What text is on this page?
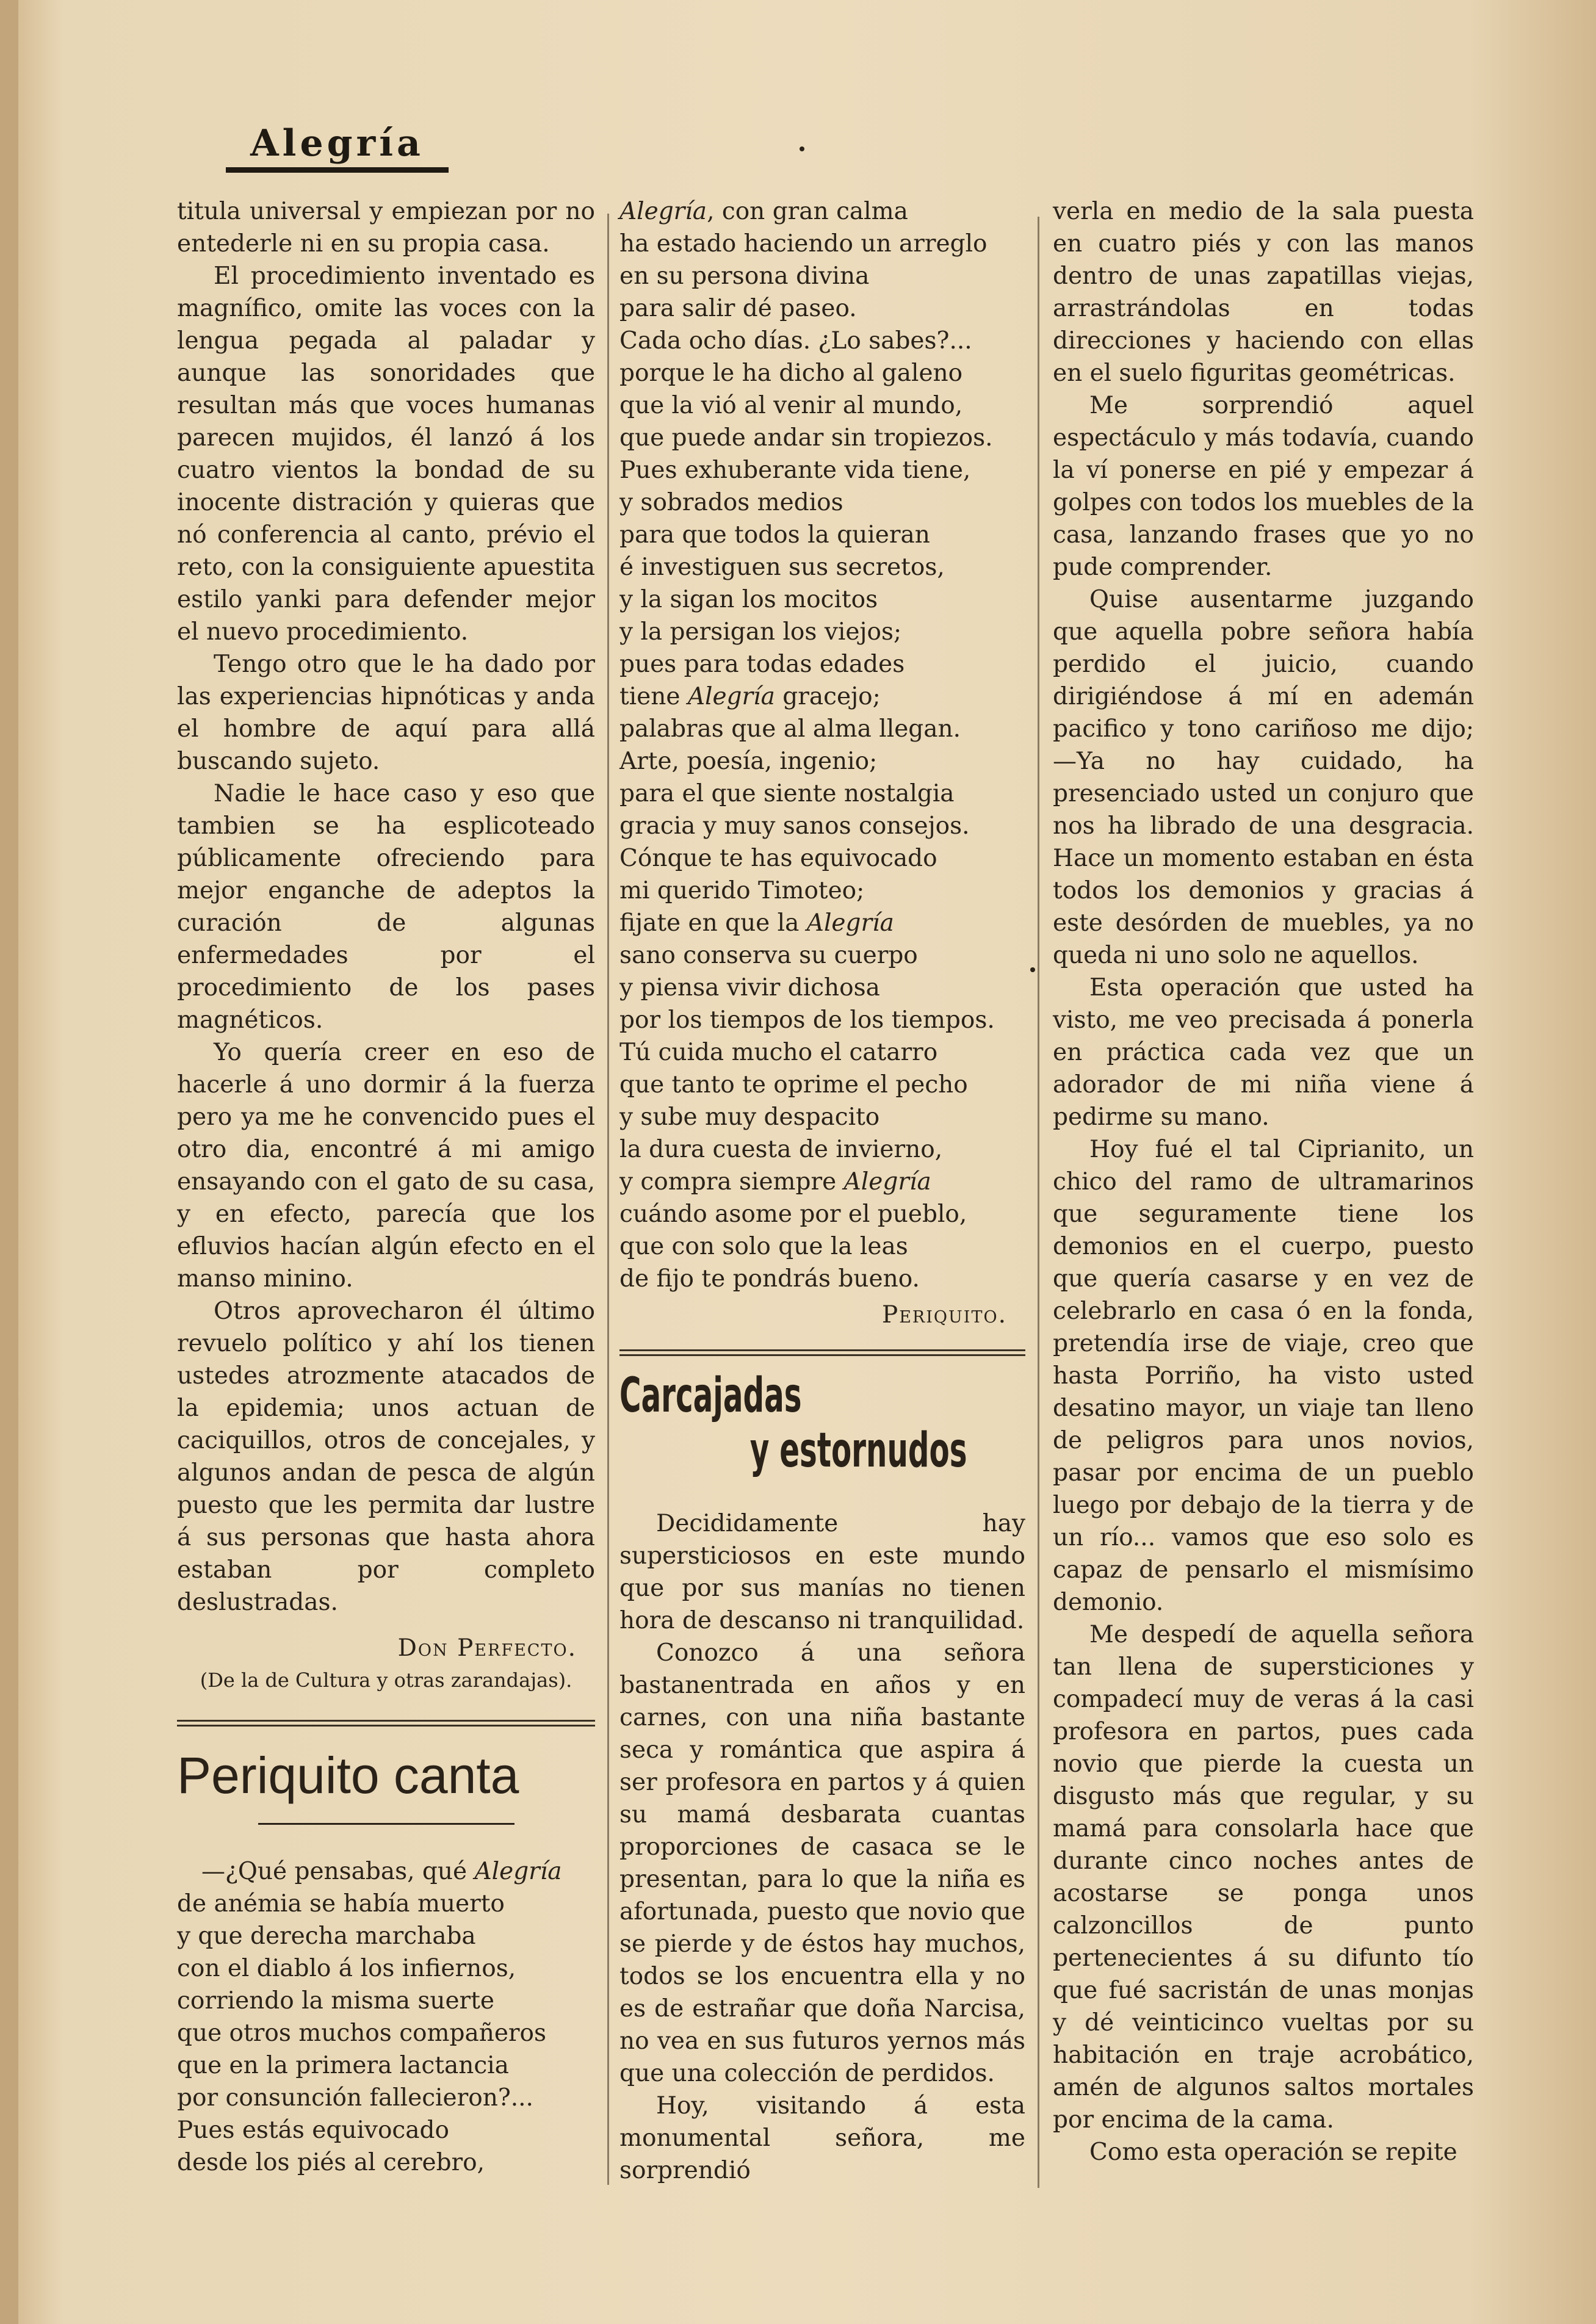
Alegría

titula universal y empiezan por no entederle ni en su propia casa.

El procedimiento inventado es magnífico, omite las voces con la lengua pegada al paladar y aunque las sonoridades que resultan más que voces humanas parecen mujidos, él lanzó á los cuatro vientos la bondad de su inocente distración y quieras que nó conferencia al canto, prévio el reto, con la consiguiente apuestita estilo yanki para defender mejor el nuevo procedimiento.

Tengo otro que le ha dado por las experiencias hipnóticas y anda el hombre de aquí para allá buscando sujeto.

Nadie le hace caso y eso que tambien se ha esplicoteado públicamente ofreciendo para mejor enganche de adeptos la curación de algunas enfermedades por el procedimiento de los pases magnéticos.

Yo quería creer en eso de hacerle á uno dormir á la fuerza pero ya me he convencido pues el otro dia, encontré á mi amigo ensayando con el gato de su casa, y en efecto, parecía que los efluvios hacían algún efecto en el manso minino.

Otros aprovecharon él último revuelo político y ahí los tienen ustedes atrozmente atacados de la epidemia; unos actuan de caciquillos, otros de concejales, y algunos andan de pesca de algún puesto que les permita dar lustre á sus personas que hasta ahora estaban por completo deslustradas.

Don Perfecto.

(De la de Cultura y otras zarandajas).

Periquito canta

—¿Qué pensabas, qué Alegría

de anémia se había muerto

y que derecha marchaba

con el diablo á los infiernos,

corriendo la misma suerte

que otros muchos compañeros

que en la primera lactancia

por consunción fallecieron?...

Pues estás equivocado

desde los piés al cerebro,

Alegría, con gran calma

ha estado haciendo un arreglo

en su persona divina

para salir dé paseo.

Cada ocho días. ¿Lo sabes?...

porque le ha dicho al galeno

que la vió al venir al mundo,

que puede andar sin tropiezos.

Pues exhuberante vida tiene,

y sobrados medios

para que todos la quieran

é investiguen sus secretos,

y la sigan los mocitos

y la persigan los viejos;

pues para todas edades

tiene Alegría gracejo;

palabras que al alma llegan.

Arte, poesía, ingenio;

para el que siente nostalgia

gracia y muy sanos consejos.

Cónque te has equivocado

mi querido Timoteo;

fijate en que la Alegría

sano conserva su cuerpo

y piensa vivir dichosa

por los tiempos de los tiempos.

Tú cuida mucho el catarro

que tanto te oprime el pecho

y sube muy despacito

la dura cuesta de invierno,

y compra siempre Alegría

cuándo asome por el pueblo,

que con solo que la leas

de fijo te pondrás bueno.

Periquito.

Carcajadas

y estornudos

Decididamente hay supersticiosos en este mundo que por sus manías no tienen hora de descanso ni tranquilidad.

Conozco á una señora bastanentrada en años y en carnes, con una niña bastante seca y romántica que aspira á ser profesora en partos y á quien su mamá desbarata cuantas proporciones de casaca se le presentan, para lo que la niña es afortunada, puesto que novio que se pierde y de éstos hay muchos, todos se los encuentra ella y no es de estrañar que doña Narcisa, no vea en sus futuros yernos más que una colección de perdidos.

Hoy, visitando á esta monumental señora, me sorprendió

verla en medio de la sala puesta en cuatro piés y con las manos dentro de unas zapatillas viejas, arrastrándolas en todas direcciones y haciendo con ellas en el suelo figuritas geométricas.

Me sorprendió aquel espectáculo y más todavía, cuando la ví ponerse en pié y empezar á golpes con todos los muebles de la casa, lanzando frases que yo no pude comprender.

Quise ausentarme juzgando que aquella pobre señora había perdido el juicio, cuando dirigiéndose á mí en ademán pacifico y tono cariñoso me dijo; —Ya no hay cuidado, ha presenciado usted un conjuro que nos ha librado de una desgracia. Hace un momento estaban en ésta todos los demonios y gracias á este desórden de muebles, ya no queda ni uno solo ne aquellos.

Esta operación que usted ha visto, me veo precisada á ponerla en práctica cada vez que un adorador de mi niña viene á pedirme su mano.

Hoy fué el tal Ciprianito, un chico del ramo de ultramarinos que seguramente tiene los demonios en el cuerpo, puesto que quería casarse y en vez de celebrarlo en casa ó en la fonda, pretendía irse de viaje, creo que hasta Porriño, ha visto usted desatino mayor, un viaje tan lleno de peligros para unos novios, pasar por encima de un pueblo luego por debajo de la tierra y de un río... vamos que eso solo es capaz de pensarlo el mismísimo demonio.

Me despedí de aquella señora tan llena de supersticiones y compadecí muy de veras á la casi profesora en partos, pues cada novio que pierde la cuesta un disgusto más que regular, y su mamá para consolarla hace que durante cinco noches antes de acostarse se ponga unos calzoncillos de punto pertenecientes á su difunto tío que fué sacristán de unas monjas y dé veinticinco vueltas por su habitación en traje acrobático, amén de algunos saltos mortales por encima de la cama.

Como esta operación se repite
